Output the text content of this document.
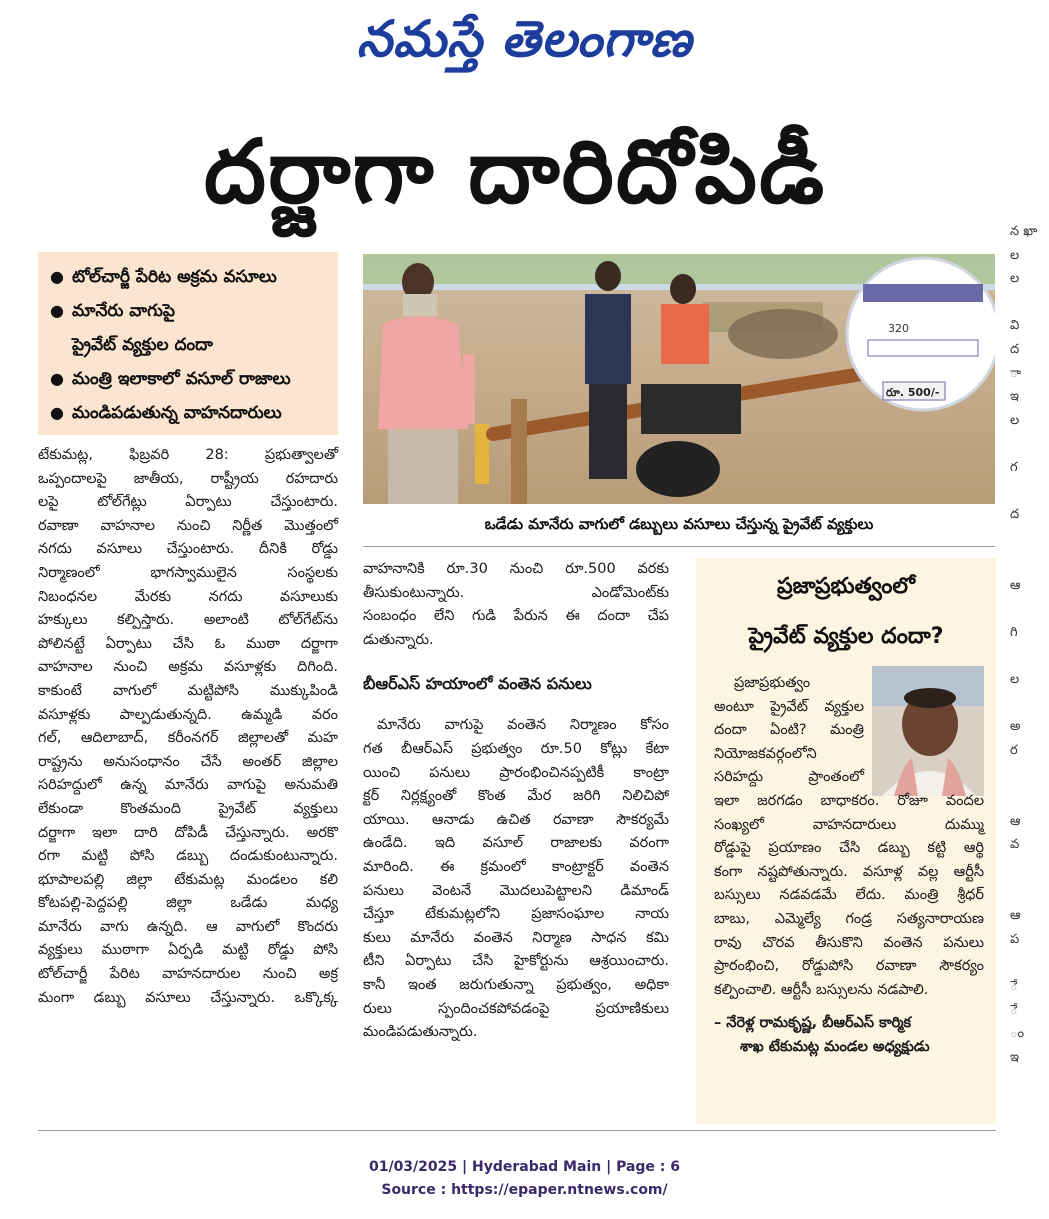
నమస్తే తెలంగాణ
దర్జాగా దారిదోపిడీ
● టోల్‌చార్జీ పేరిట అక్రమ వసూలు
● మానేరు వాగుపై
ప్రైవేట్ వ్యక్తుల దందా
● మంత్రి ఇలాకాలో వసూల్ రాజాలు
● మండిపడుతున్న వాహనదారులు
320
రూ. 500/-
ఒడేడు మానేరు వాగులో డబ్బులు వసూలు చేస్తున్న ప్రైవేట్ వ్యక్తులు

టేకుమట్ల, ఫిబ్రవరి 28: ప్రభుత్వాలతో

ఒప్పందాలపై జాతీయ, రాష్ట్రీయ రహదారు

లపై టోల్‌గేట్లు ఏర్పాటు చేస్తుంటారు.

రవాణా వాహనాల నుంచి నిర్ణీత మొత్తంలో

నగదు వసూలు చేస్తుంటారు. దీనికి రోడ్డు

నిర్మాణంలో భాగస్వాములైన సంస్థలకు

నిబంధనల మేరకు నగదు వసూలుకు

హక్కులు కల్పిస్తారు. అలాంటి టోల్‌గేట్‌ను

పోలినట్టే ఏర్పాటు చేసి ఓ ముఠా దర్జాగా

వాహనాల నుంచి అక్రమ వసూళ్లకు దిగింది.

కాకుంటే వాగులో మట్టిపోసి ముక్కుపిండి

వసూళ్లకు పాల్పడుతున్నది. ఉమ్మడి వరం

గల్, ఆదిలాబాద్, కరీంనగర్ జిల్లాలతో మహ

రాష్ట్రను అనుసంధానం చేసే అంతర్ జిల్లాల

సరిహద్దులో ఉన్న మానేరు వాగుపై అనుమతి

లేకుండా కొంతమంది ప్రైవేట్ వ్యక్తులు

దర్జాగా ఇలా దారి దోపిడీ చేస్తున్నారు. అరకొ

రగా మట్టి పోసి డబ్బు దండుకుంటున్నారు.

భూపాలపల్లి జిల్లా టేకుమట్ల మండలం కలి

కోటపల్లి-పెద్దపల్లి జిల్లా ఒడేడు మధ్య

మానేరు వాగు ఉన్నది. ఆ వాగులో కొందరు

వ్యక్తులు ముఠాగా ఏర్పడి మట్టి రోడ్డు పోసి

టోల్‌చార్జీ పేరిట వాహనదారుల నుంచి అక్ర

మంగా డబ్బు వసూలు చేస్తున్నారు. ఒక్కొక్క

వాహనానికి రూ.30 నుంచి రూ.500 వరకు

తీసుకుంటున్నారు. ఎండోమెంట్‌కు

సంబంధం లేని గుడి పేరున ఈ దందా చేప

డుతున్నారు.

బీఆర్‌ఎస్ హయాంలో వంతెన పనులు

మానేరు వాగుపై వంతెన నిర్మాణం కోసం

గత బీఆర్‌ఎస్ ప్రభుత్వం రూ.50 కోట్లు కేటా

యించి పనులు ప్రారంభించినప్పటికీ కాంట్రా

క్టర్ నిర్లక్ష్యంతో కొంత మేర జరిగి నిలిచిపో

యాయి. ఆనాడు ఉచిత రవాణా సౌకర్యమే

ఉండేది. ఇది వసూల్ రాజాలకు వరంగా

మారింది. ఈ క్రమంలో కాంట్రాక్టర్ వంతెన

పనులు వెంటనే మొదలుపెట్టాలని డిమాండ్

చేస్తూ టేకుమట్లలోని ప్రజాసంఘాల నాయ

కులు మానేరు వంతెన నిర్మాణ సాధన కమి

టీని ఏర్పాటు చేసి హైకోర్టును ఆశ్రయించారు.

కానీ ఇంత జరుగుతున్నా ప్రభుత్వం, అధికా

రులు స్పందించకపోవడంపై ప్రయాణికులు

మండిపడుతున్నారు.

ప్రజాప్రభుత్వంలో
ప్రైవేట్ వ్యక్తుల దందా?

ప్రజాప్రభుత్వం

అంటూ ప్రైవేట్ వ్యక్తుల

దందా ఏంటి? మంత్రి

నియోజకవర్గంలోని

సరిహద్దు ప్రాంతంలో

ఇలా జరగడం బాధాకరం. రోజూ వందల

సంఖ్యలో వాహనదారులు దుమ్ము

రోడ్డుపై ప్రయాణం చేసి డబ్బు కట్టి ఆర్థి

కంగా నష్టపోతున్నారు. వసూళ్ల వల్ల ఆర్టీసీ

బస్సులు నడవడమే లేదు. మంత్రి శ్రీధర్

బాబు, ఎమ్మెల్యే గండ్ర సత్యనారాయణ

రావు చొరవ తీసుకొని వంతెన పనులు

ప్రారంభించి, రోడ్డుపోసి రవాణా సౌకర్యం

కల్పించాలి. ఆర్టీసీ బస్సులను నడపాలి.

– నేరెళ్ల రామకృష్ణ, బీఆర్‌ఎస్ కార్మిక

శాఖ టేకుమట్ల మండల అధ్యక్షుడు

న ఖా
ల
ల

వి
ద
ా
ఇ
ల

గ

ద

ఆ

గి

ల

అ
ర

ఆ
వ

ఆ
ప

ే
ే
ం
ఇ
01/03/2025 | Hyderabad Main | Page : 6
Source : https://epaper.ntnews.com/
